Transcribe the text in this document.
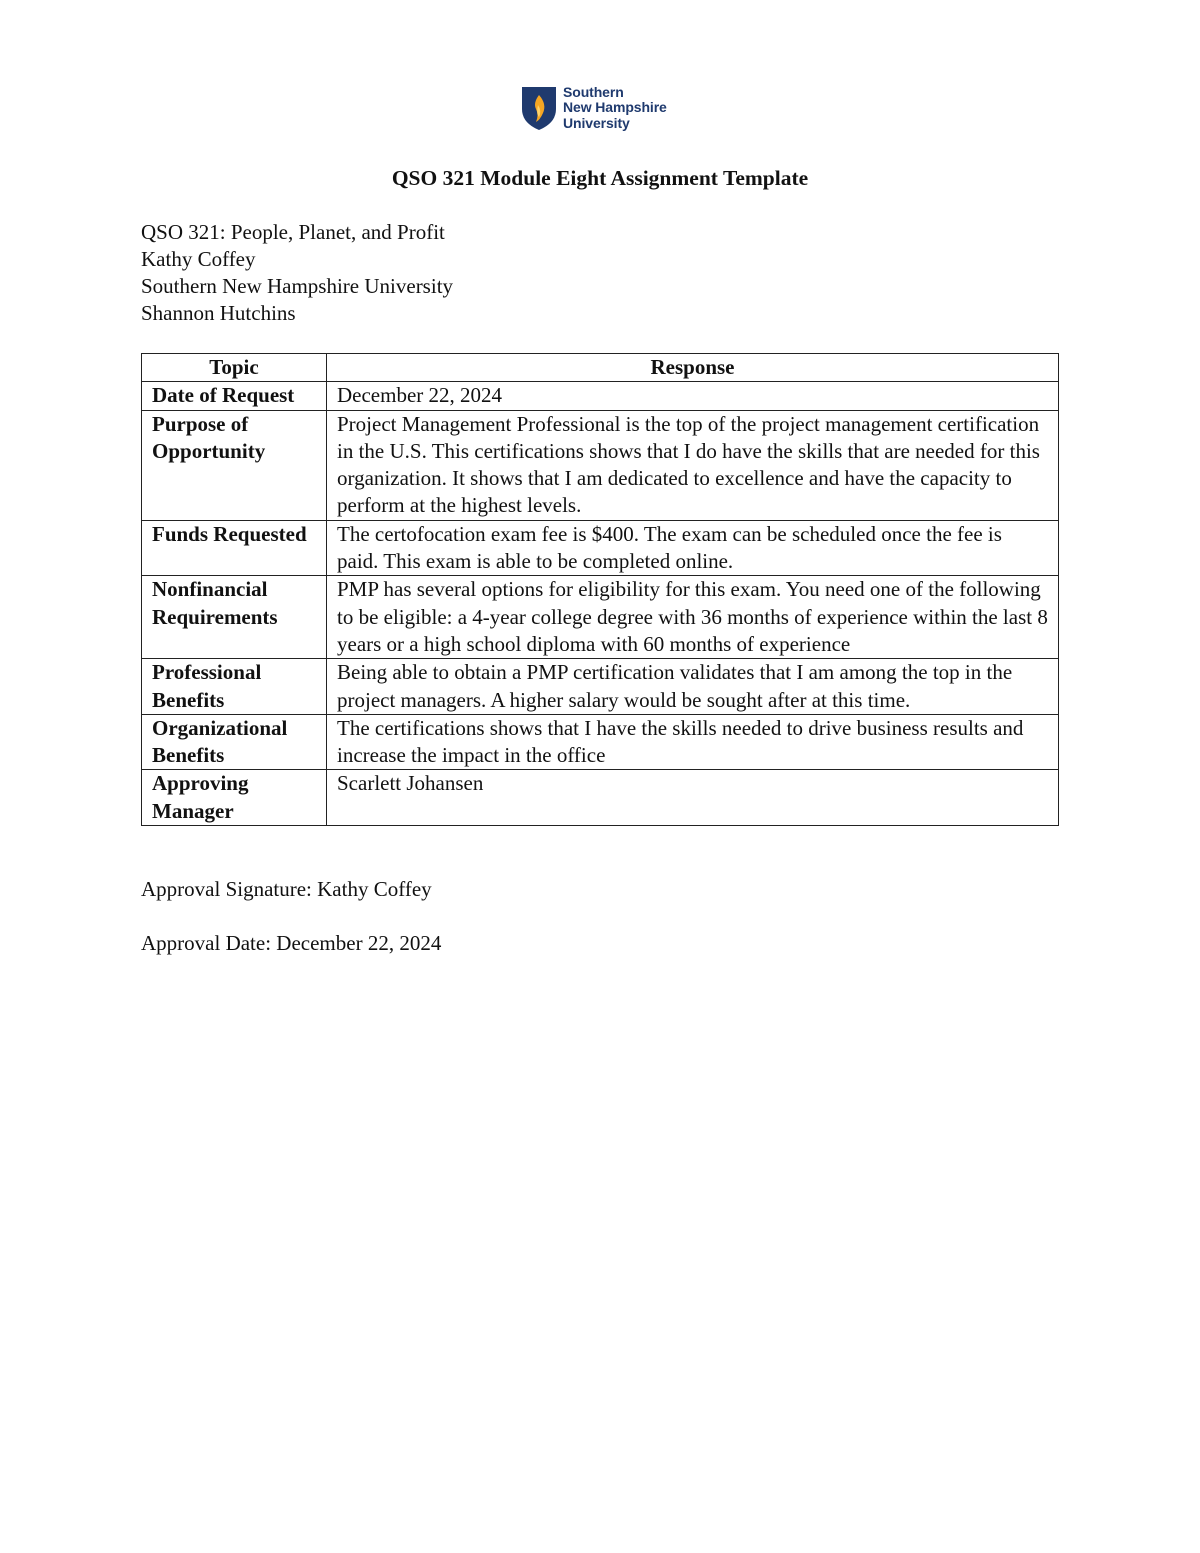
Southern
New Hampshire
University
QSO 321 Module Eight Assignment Template
QSO 321: People, Planet, and Profit
Kathy Coffey
Southern New Hampshire University
Shannon Hutchins
Topic	Response
Date of Request	December 22, 2024
Purpose of Opportunity	Project Management Professional is the top of the project management certification in the U.S. This certifications shows that I do have the skills that are needed for this organization. It shows that I am dedicated to excellence and have the capacity to perform at the highest levels.
Funds Requested	The certofocation exam fee is $400. The exam can be scheduled once the fee is paid. This exam is able to be completed online.
Nonfinancial Requirements	PMP has several options for eligibility for this exam. You need one of the following to be eligible: a 4-year college degree with 36 months of experience within the last 8 years or a high school diploma with 60 months of experience
Professional Benefits	Being able to obtain a PMP certification validates that I am among the top in the project managers. A higher salary would be sought after at this time.
Organizational Benefits	The certifications shows that I have the skills needed to drive business results and increase the impact in the office
Approving Manager	Scarlett Johansen
Approval Signature: Kathy Coffey
Approval Date: December 22, 2024
